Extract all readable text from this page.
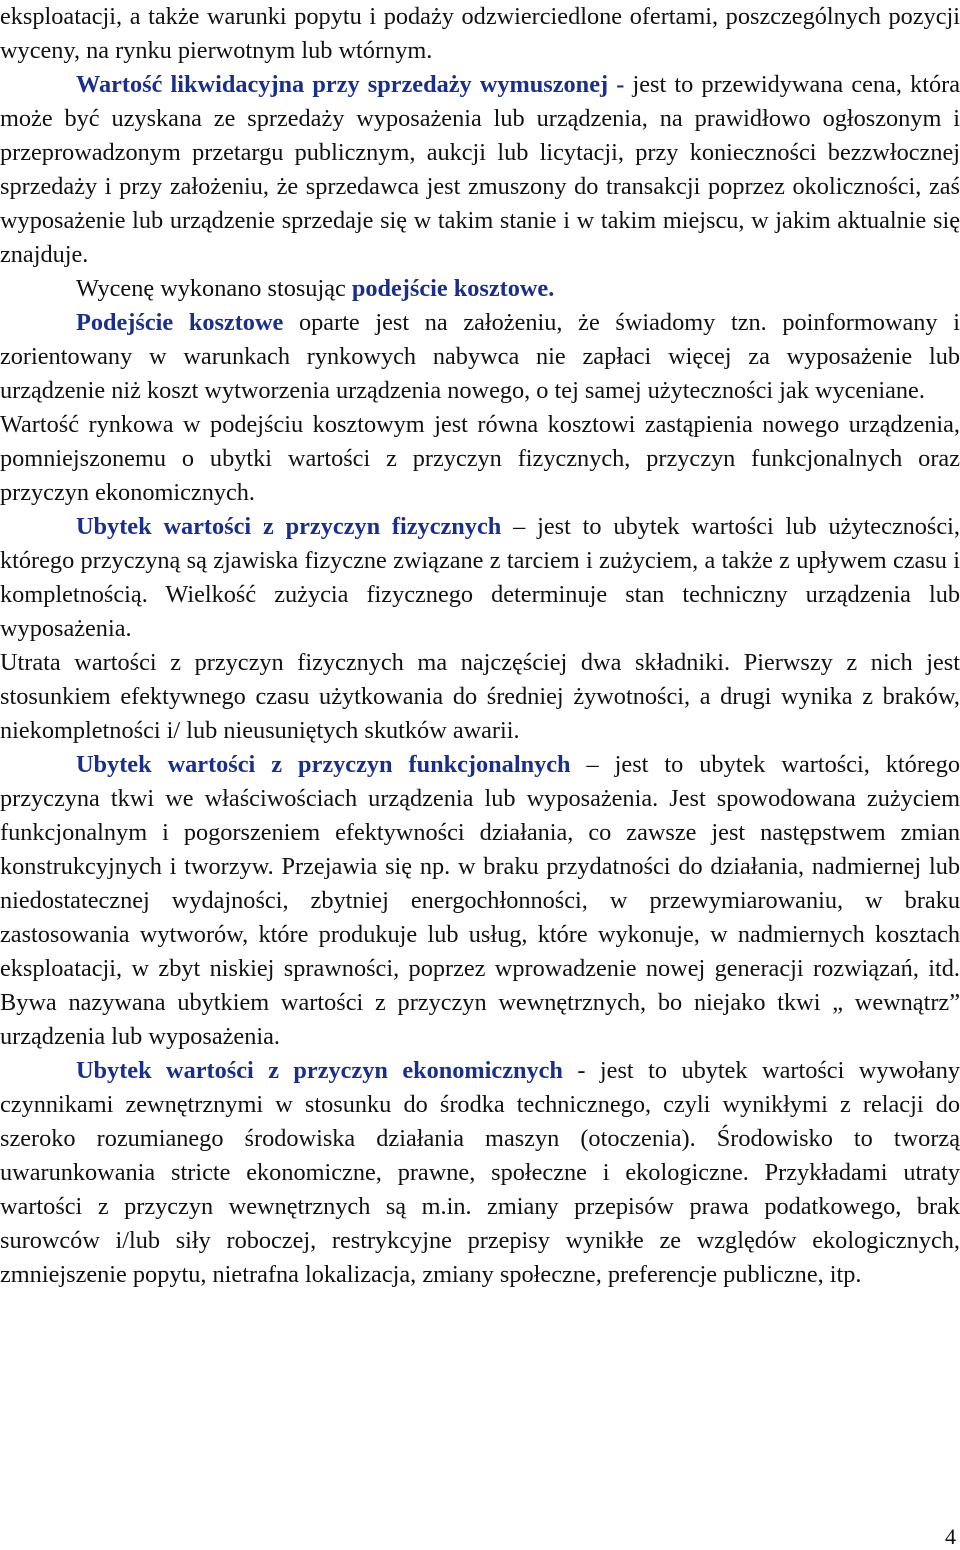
eksploatacji, a także warunki popytu i podaży odzwierciedlone ofertami, poszczególnych pozycji wyceny, na rynku pierwotnym lub wtórnym.

Wartość likwidacyjna przy sprzedaży wymuszonej - jest to przewidywana cena, która może być uzyskana ze sprzedaży wyposażenia lub urządzenia, na prawidłowo ogłoszonym i przeprowadzonym przetargu publicznym, aukcji lub licytacji, przy konieczności bezzwłocznej sprzedaży i przy założeniu, że sprzedawca jest zmuszony do transakcji poprzez okoliczności, zaś wyposażenie lub urządzenie sprzedaje się w takim stanie i w takim miejscu, w jakim aktualnie się znajduje.

Wycenę wykonano stosując podejście kosztowe.

Podejście kosztowe oparte jest na założeniu, że świadomy tzn. poinformowany i zorientowany w warunkach rynkowych nabywca nie zapłaci więcej za wyposażenie lub urządzenie niż koszt wytworzenia urządzenia nowego, o tej samej użyteczności jak wyceniane.

Wartość rynkowa w podejściu kosztowym jest równa kosztowi zastąpienia nowego urządzenia, pomniejszonemu o ubytki wartości z przyczyn fizycznych, przyczyn funkcjonalnych oraz przyczyn ekonomicznych.

Ubytek wartości z przyczyn fizycznych – jest to ubytek wartości lub użyteczności, którego przyczyną są zjawiska fizyczne związane z tarciem i zużyciem, a także z upływem czasu i kompletnością. Wielkość zużycia fizycznego determinuje stan techniczny urządzenia lub wyposażenia.

Utrata wartości z przyczyn fizycznych ma najczęściej dwa składniki. Pierwszy z nich jest stosunkiem efektywnego czasu użytkowania do średniej żywotności, a drugi wynika z braków, niekompletności i/ lub nieusuniętych skutków awarii.

Ubytek wartości z przyczyn funkcjonalnych – jest to ubytek wartości, którego przyczyna tkwi we właściwościach urządzenia lub wyposażenia. Jest spowodowana zużyciem funkcjonalnym i pogorszeniem efektywności działania, co zawsze jest następstwem zmian konstrukcyjnych i tworzyw. Przejawia się np. w braku przydatności do działania, nadmiernej lub niedostatecznej wydajności, zbytniej energochłonności, w przewymiarowaniu, w braku zastosowania wytworów, które produkuje lub usług, które wykonuje, w nadmiernych kosztach eksploatacji, w zbyt niskiej sprawności, poprzez wprowadzenie nowej generacji rozwiązań, itd. Bywa nazywana ubytkiem wartości z przyczyn wewnętrznych, bo niejako tkwi „ wewnątrz” urządzenia lub wyposażenia.

Ubytek wartości z przyczyn ekonomicznych - jest to ubytek wartości wywołany czynnikami zewnętrznymi w stosunku do środka technicznego, czyli wynikłymi z relacji do szeroko rozumianego środowiska działania maszyn (otoczenia). Środowisko to tworzą uwarunkowania stricte ekonomiczne, prawne, społeczne i ekologiczne. Przykładami utraty wartości z przyczyn wewnętrznych są m.in. zmiany przepisów prawa podatkowego, brak surowców i/lub siły roboczej, restrykcyjne przepisy wynikłe ze względów ekologicznych, zmniejszenie popytu, nietrafna lokalizacja, zmiany społeczne, preferencje publiczne, itp.

4
